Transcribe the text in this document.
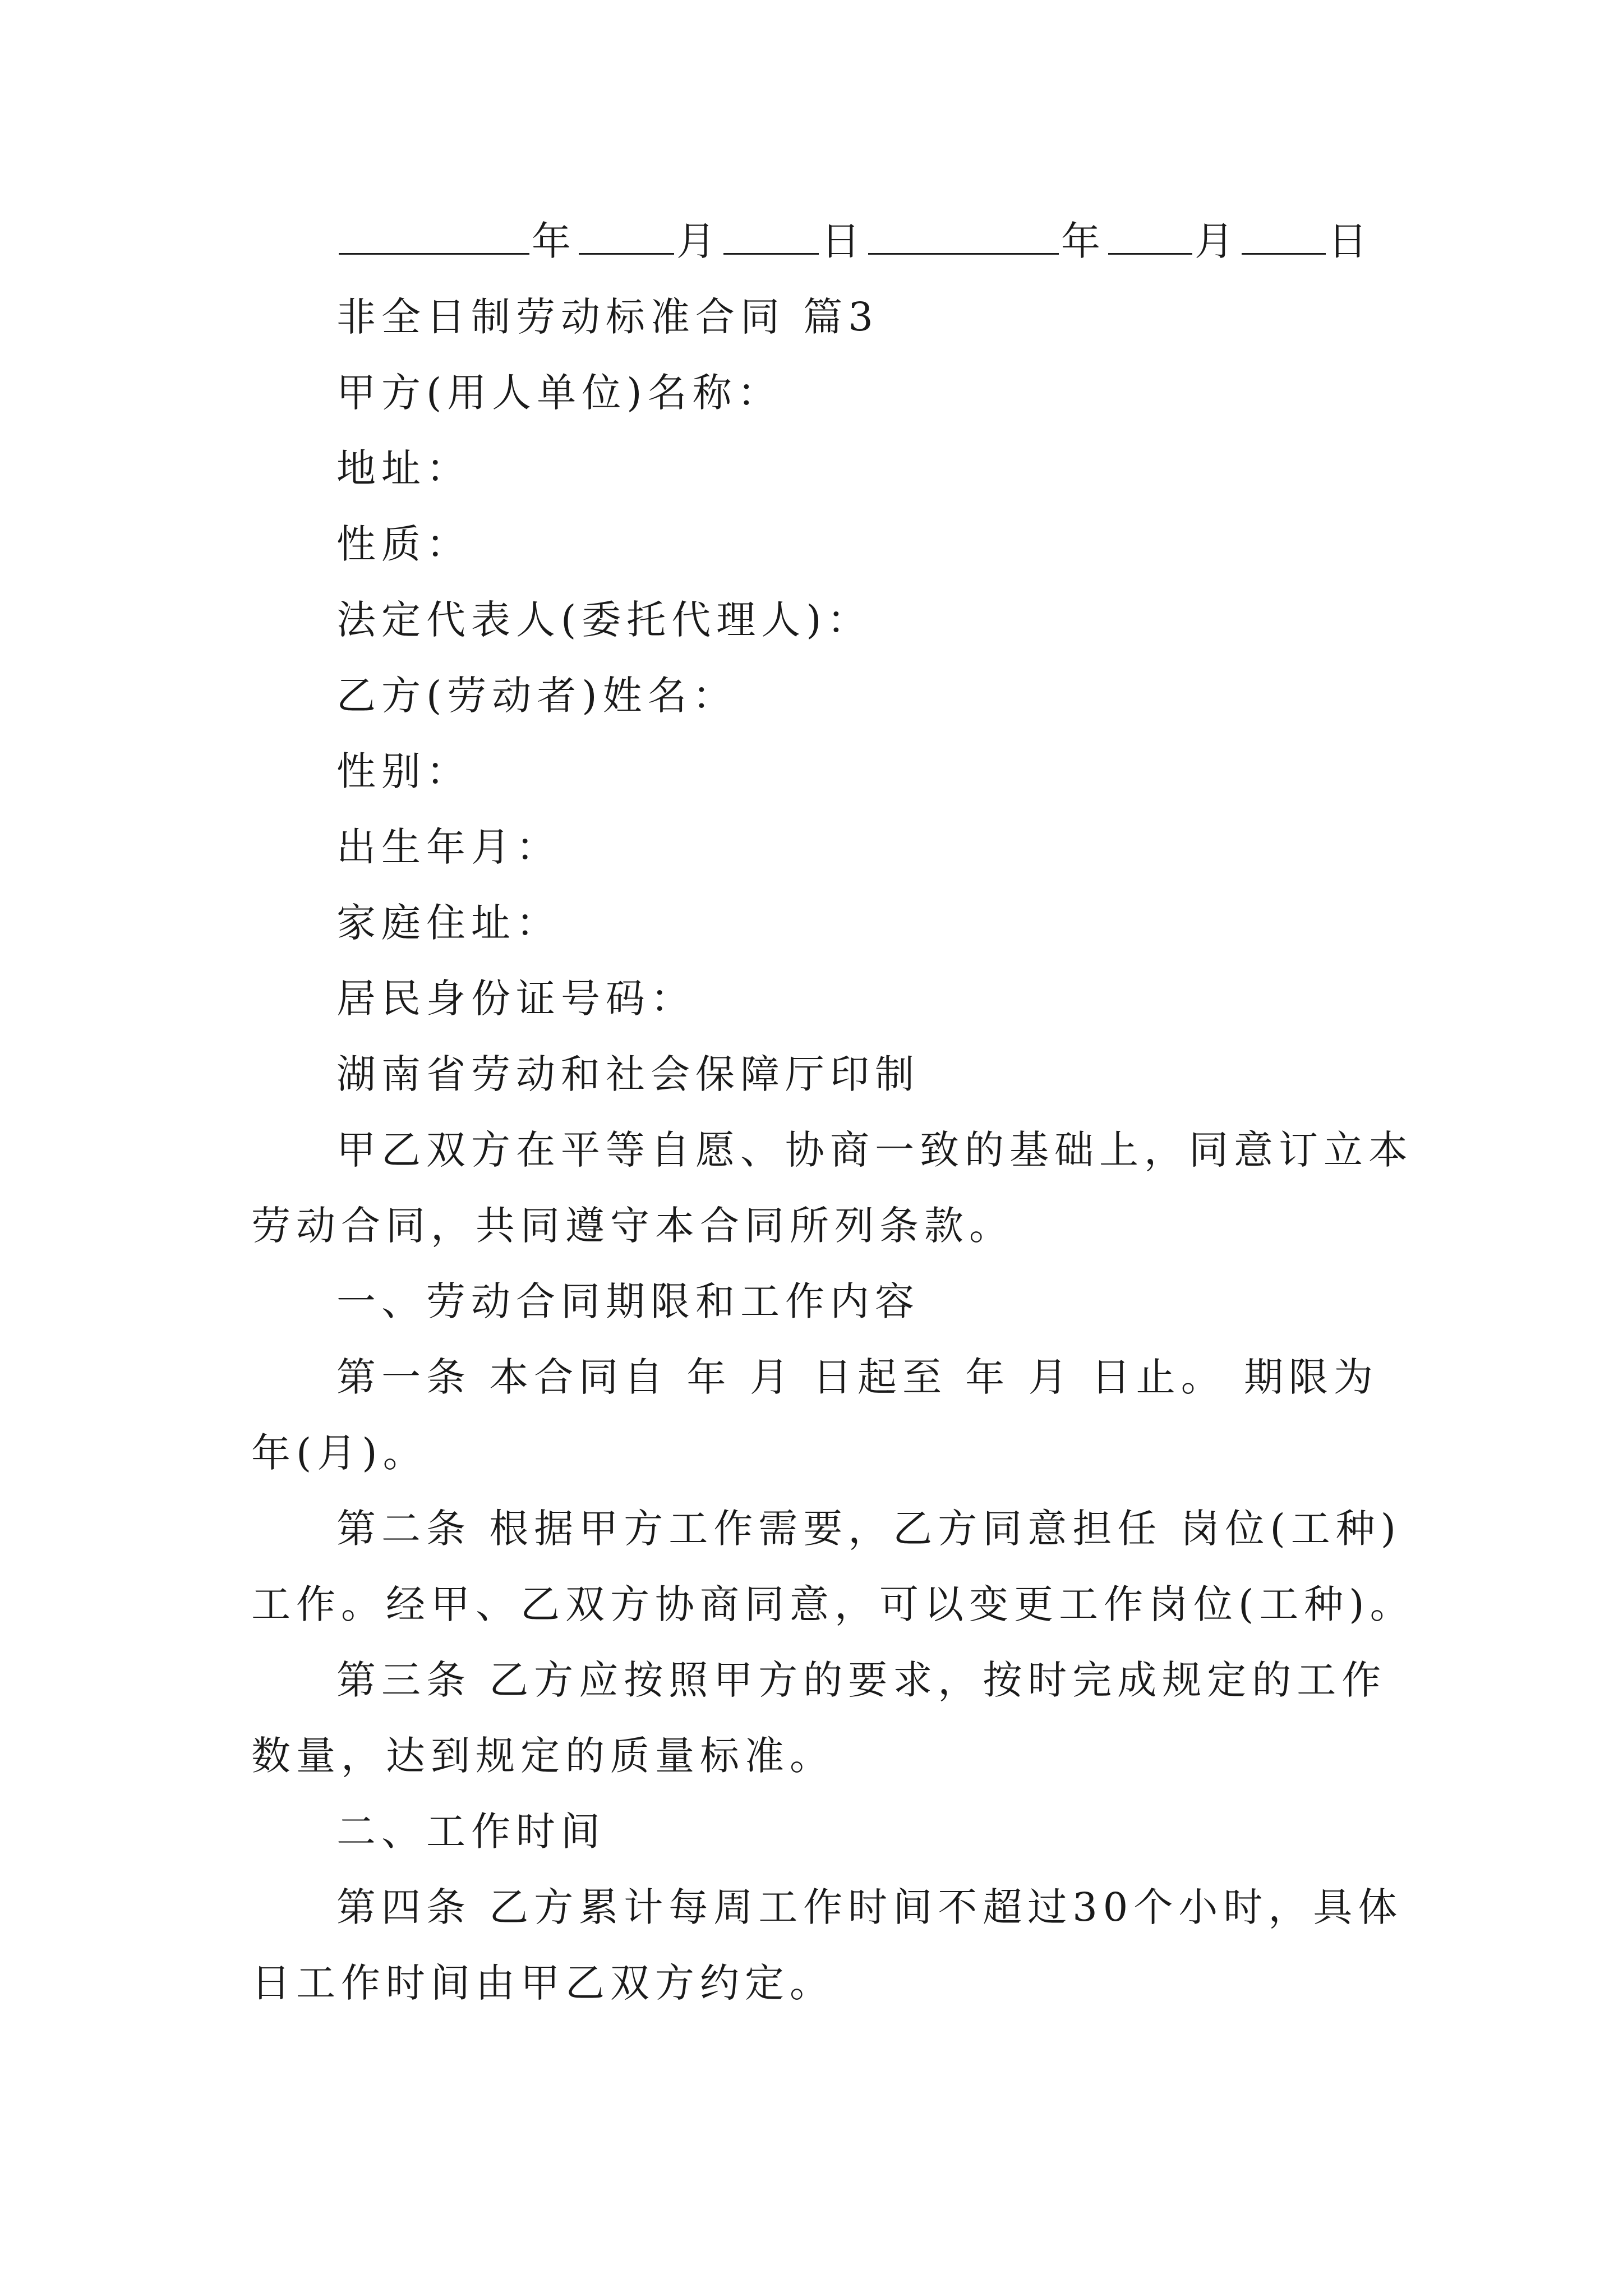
年	月	日	年 月 日
非全日制劳动标准合同 篇3
甲方(用人单位)名称：
地址：
性质：
法定代表人(委托代理人)：
乙方(劳动者)姓名：
性别：
出生年月：
家庭住址：
居民身份证号码：
湖南省劳动和社会保障厅印制
甲乙双方在平等自愿、协商一致的基础上，同意订立本
劳动合同，共同遵守本合同所列条款。
一、劳动合同期限和工作内容
第一条 本合同自 年 月 日起至 年 月 日止。 期限为
年(月)。
第二条 根据甲方工作需要，乙方同意担任 岗位(工种)
工作。经甲、乙双方协商同意，可以变更工作岗位(工种)。
第三条 乙方应按照甲方的要求，按时完成规定的工作
数量，达到规定的质量标准。
二、工作时间
第四条 乙方累计每周工作时间不超过30个小时，具体
日工作时间由甲乙双方约定。
